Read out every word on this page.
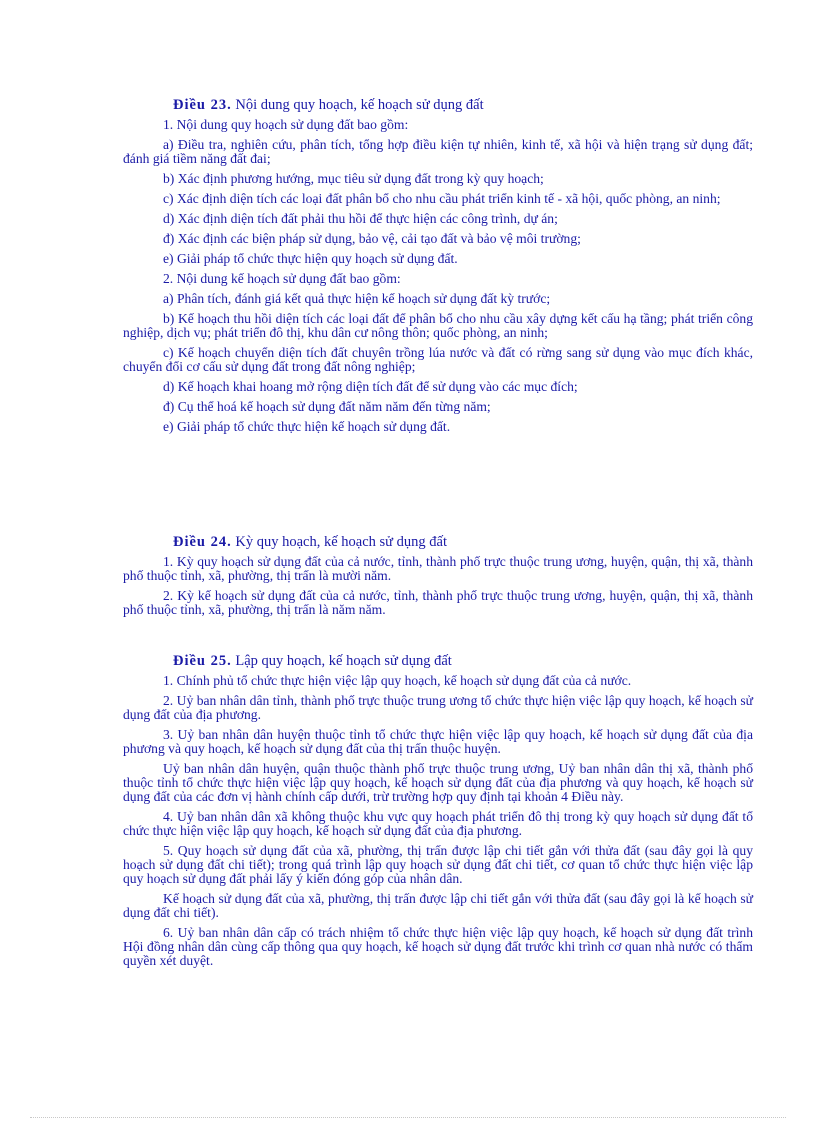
Điều 23. Nội dung quy hoạch, kế hoạch sử dụng đất

1. Nội dung quy hoạch sử dụng đất bao gồm:

a) Điều tra, nghiên cứu, phân tích, tổng hợp điều kiện tự nhiên, kinh tế, xã hội và hiện trạng sử dụng đất; đánh giá tiềm năng đất đai;

b) Xác định phương hướng, mục tiêu sử dụng đất trong kỳ quy hoạch;

c) Xác định diện tích các loại đất phân bổ cho nhu cầu phát triển kinh tế - xã hội, quốc phòng, an ninh;

d) Xác định diện tích đất phải thu hồi để thực hiện các công trình, dự án;

đ) Xác định các biện pháp sử dụng, bảo vệ, cải tạo đất và bảo vệ môi trường;

e) Giải pháp tổ chức thực hiện quy hoạch sử dụng đất.

2. Nội dung kế hoạch sử dụng đất bao gồm:

a) Phân tích, đánh giá kết quả thực hiện kế hoạch sử dụng đất kỳ trước;

b) Kế hoạch thu hồi diện tích các loại đất để phân bổ cho nhu cầu xây dựng kết cấu hạ tầng; phát triển công nghiệp, dịch vụ; phát triển đô thị, khu dân cư nông thôn; quốc phòng, an ninh;

c) Kế hoạch chuyển diện tích đất chuyên trồng lúa nước và đất có rừng sang sử dụng vào mục đích khác, chuyển đổi cơ cấu sử dụng đất trong đất nông nghiệp;

d) Kế hoạch khai hoang mở rộng diện tích đất để sử dụng vào các mục đích;

đ) Cụ thể hoá kế hoạch sử dụng đất năm năm đến từng năm;

e) Giải pháp tổ chức thực hiện kế hoạch sử dụng đất.

Điều 24. Kỳ quy hoạch, kế hoạch sử dụng đất

1. Kỳ quy hoạch sử dụng đất của cả nước, tỉnh, thành phố trực thuộc trung ương, huyện, quận, thị xã, thành phố thuộc tỉnh, xã, phường, thị trấn là mười năm.

2. Kỳ kế hoạch sử dụng đất của cả nước, tỉnh, thành phố trực thuộc trung ương, huyện, quận, thị xã, thành phố thuộc tỉnh, xã, phường, thị trấn là năm năm.

Điều 25. Lập quy hoạch, kế hoạch sử dụng đất

1. Chính phủ tổ chức thực hiện việc lập quy hoạch, kế hoạch sử dụng đất của cả nước.

2. Uỷ ban nhân dân tỉnh, thành phố trực thuộc trung ương tổ chức thực hiện việc lập quy hoạch, kế hoạch sử dụng đất của địa phương.

3. Uỷ ban nhân dân huyện thuộc tỉnh tổ chức thực hiện việc lập quy hoạch, kế hoạch sử dụng đất của địa phương và quy hoạch, kế hoạch sử dụng đất của thị trấn thuộc huyện.

Uỷ ban nhân dân huyện, quận thuộc thành phố trực thuộc trung ương, Uỷ ban nhân dân thị xã, thành phố thuộc tỉnh tổ chức thực hiện việc lập quy hoạch, kế hoạch sử dụng đất của địa phương và quy hoạch, kế hoạch sử dụng đất của các đơn vị hành chính cấp dưới, trừ trường hợp quy định tại khoản 4 Điều này.

4. Uỷ ban nhân dân xã không thuộc khu vực quy hoạch phát triển đô thị trong kỳ quy hoạch sử dụng đất tổ chức thực hiện việc lập quy hoạch, kế hoạch sử dụng đất của địa phương.

5. Quy hoạch sử dụng đất của xã, phường, thị trấn được lập chi tiết gắn với thửa đất (sau đây gọi là quy hoạch sử dụng đất chi tiết); trong quá trình lập quy hoạch sử dụng đất chi tiết, cơ quan tổ chức thực hiện việc lập quy hoạch sử dụng đất phải lấy ý kiến đóng góp của nhân dân.

Kế hoạch sử dụng đất của xã, phường, thị trấn được lập chi tiết gắn với thửa đất (sau đây gọi là kế hoạch sử dụng đất chi tiết).

6. Uỷ ban nhân dân cấp có trách nhiệm tổ chức thực hiện việc lập quy hoạch, kế hoạch sử dụng đất trình Hội đồng nhân dân cùng cấp thông qua quy hoạch, kế hoạch sử dụng đất trước khi trình cơ quan nhà nước có thẩm quyền xét duyệt.
